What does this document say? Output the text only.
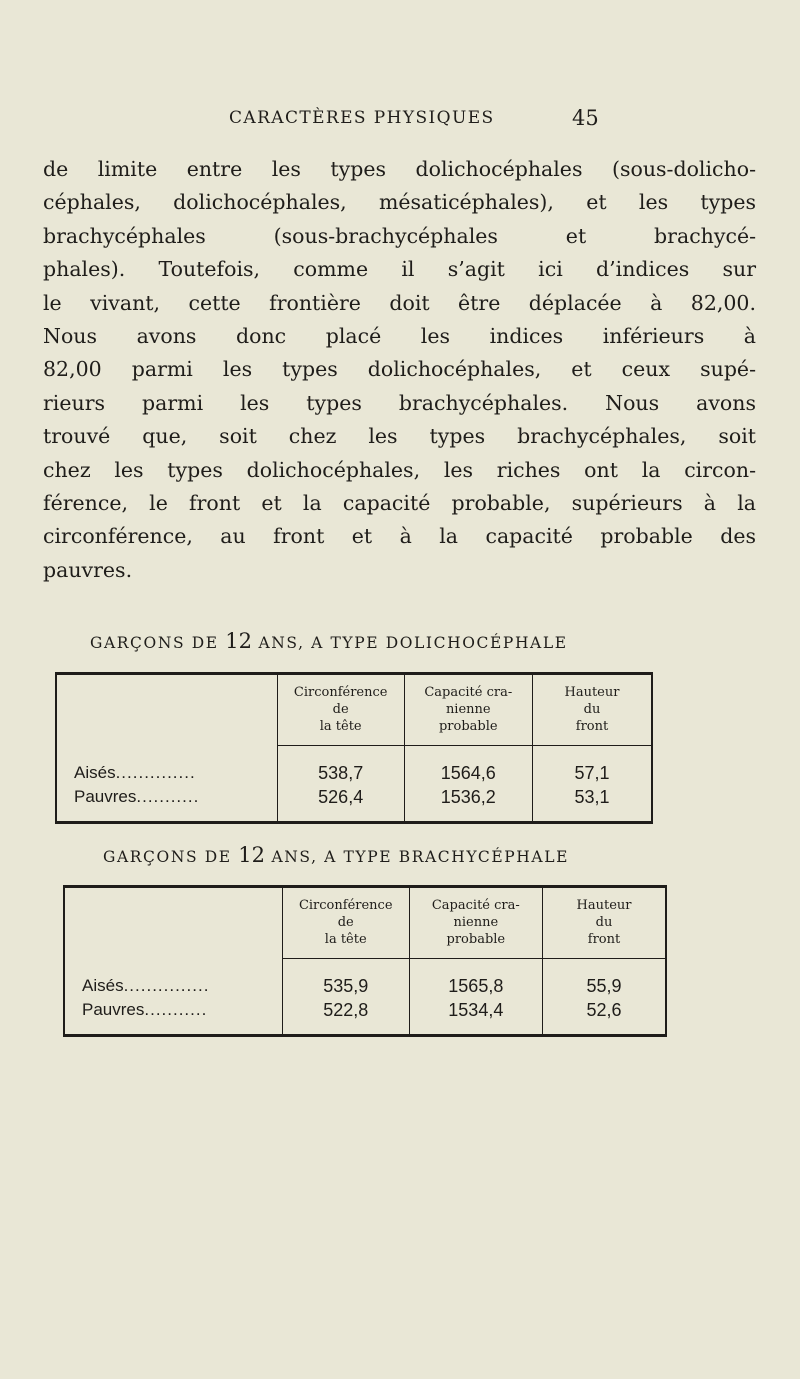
CARACTÈRES PHYSIQUES	45
de limite entre les types dolichocéphales (sous-dolicho-
céphales, dolichocéphales, mésaticéphales), et les types
brachycéphales (sous-brachycéphales et brachycé-
phales). Toutefois, comme il s’agit ici d’indices sur
le vivant, cette frontière doit être déplacée à 82,00.
Nous avons donc placé les indices inférieurs à
82,00 parmi les types dolichocéphales, et ceux supé-
rieurs parmi les types brachycéphales. Nous avons
trouvé que, soit chez les types brachycéphales, soit
chez les types dolichocéphales, les riches ont la circon-
férence, le front et la capacité probable, supérieurs à la
circonférence, au front et à la capacité probable des
pauvres.
GARÇONS DE 12 ANS, A TYPE DOLICHOCÉPHALE
	Circonférence
de
la tête	Capacité cra-
nienne
probable	Hauteur
du
front
Aisés..............	538,7	1564,6	57,1
Pauvres...........	526,4	1536,2	53,1
GARÇONS DE 12 ANS, A TYPE BRACHYCÉPHALE
	Circonférence
de
la tête	Capacité cra-
nienne
probable	Hauteur
du
front
Aisés...............	535,9	1565,8	55,9
Pauvres...........	522,8	1534,4	52,6
